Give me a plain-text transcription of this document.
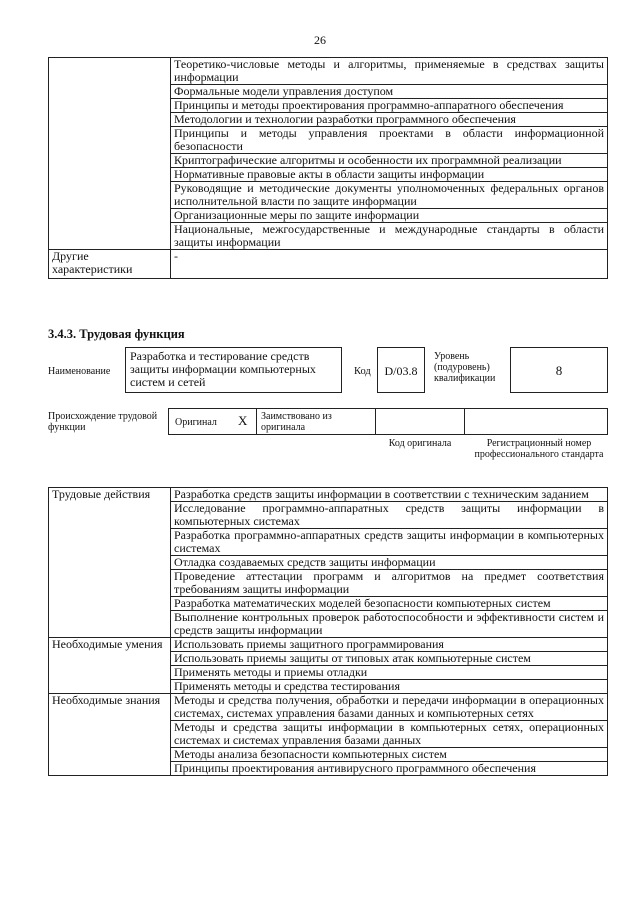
26
	Теоретико-числовые методы и алгоритмы, применяемые в средствах защиты информации
	Формальные модели управления доступом
	Принципы и методы проектирования программно-аппаратного обеспечения
	Методологии и технологии разработки программного обеспечения
	Принципы и методы управления проектами в области информационной безопасности
	Криптографические алгоритмы и особенности их программной реализации
	Нормативные правовые акты в области защиты информации
	Руководящие и методические документы уполномоченных федеральных органов исполнительной власти по защите информации
	Организационные меры по защите информации
	Национальные, межгосударственные и международные стандарты в области защиты информации
Другие характеристики	-
3.4.3. Трудовая функция
Наименование
Разработка и тестирование средств защиты информации компьютерных систем и сетей
Код	D/03.8
Уровень (подуровень) квалификации
8
Происхождение трудовой функции	Оригинал X	Заимствовано из оригинала
Код оригинала	Регистрационный номер профессионального стандарта
Трудовые действия	Разработка средств защиты информации в соответствии с техническим заданием
	Исследование программно-аппаратных средств защиты информации в компьютерных системах
	Разработка программно-аппаратных средств защиты информации в компьютерных системах
	Отладка создаваемых средств защиты информации
	Проведение аттестации программ и алгоритмов на предмет соответствия требованиям защиты информации
	Разработка математических моделей безопасности компьютерных систем
	Выполнение контрольных проверок работоспособности и эффективности систем и средств защиты информации
Необходимые умения	Использовать приемы защитного программирования
	Использовать приемы защиты от типовых атак компьютерные систем
	Применять методы и приемы отладки
	Применять методы и средства тестирования
Необходимые знания	Методы и средства получения, обработки и передачи информации в операционных системах, системах управления базами данных и компьютерных сетях
	Методы и средства защиты информации в компьютерных сетях, операционных системах и системах управления базами данных
	Методы анализа безопасности компьютерных систем
	Принципы проектирования антивирусного программного обеспечения
